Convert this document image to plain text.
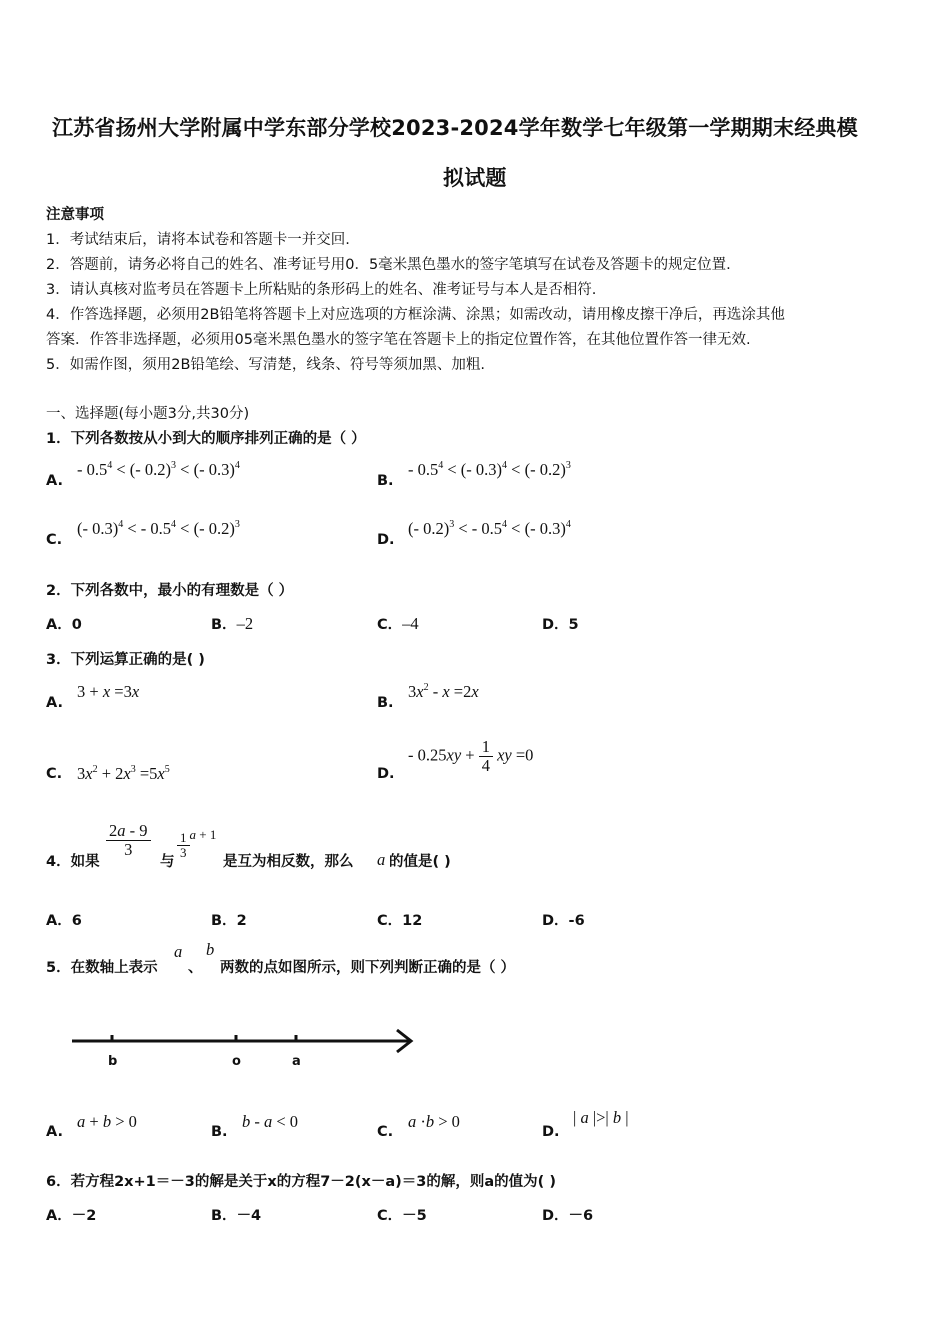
江苏省扬州大学附属中学东部分学校2023-2024学年数学七年级第一学期期末经典模
拟试题
注意事项
1．考试结束后，请将本试卷和答题卡一并交回.
2．答题前，请务必将自己的姓名、准考证号用0．5毫米黑色墨水的签字笔填写在试卷及答题卡的规定位置.
3．请认真核对监考员在答题卡上所粘贴的条形码上的姓名、准考证号与本人是否相符.
4．作答选择题，必须用2B铅笔将答题卡上对应选项的方框涂满、涂黑；如需改动，请用橡皮擦干净后，再选涂其他
答案．作答非选择题，必须用05毫米黑色墨水的签字笔在答题卡上的指定位置作答，在其他位置作答一律无效.
5．如需作图，须用2B铅笔绘、写清楚，线条、符号等须加黑、加粗.
一、选择题(每小题3分,共30分)
1．下列各数按从小到大的顺序排列正确的是（ ）
A.
- $0.5^4$ < (- 0.2)$^3$ < (- 0.3)$^4$
B.
- $0.5^4$ < (- 0.3)$^4$ < (- 0.2)$^3$
C.
(- 0.3)$^4$ < - $0.5^4$ < (- 0.2)$^3$
D.
(- 0.2)$^3$ < - $0.5^4$ < (- 0.3)$^4$
2．下列各数中，最小的有理数是（ ）
A．0	B．–2	C．–4	D．5
3．下列运算正确的是( )
A.
3 + x =3x
B.
$3x^2 - x =2x$
C. $3x^2 + 2x^3 =5x^5$	D.
- $0.25xy + \frac{1}{4}$ xy =0
4．如果
$\frac{2a - 9}{3}$
与
$\frac{1}{3} ^{a + 1}$
是互为相反数，那么 a 的值是( )
A．6	B．2	C．12	D．-6
5．在数轴上表示
a
、
b
两数的点如图所示，则下列判断正确的是（ ）
b	o	a
A.
a + b > 0
B.
b - a < 0
C.
a ·b > 0
D.
| a |>| b |
6．若方程2x+1＝－3的解是关于x的方程7－2(x－a)＝3的解，则a的值为( )
A．－2	B．－4	C．－5	D．－6
